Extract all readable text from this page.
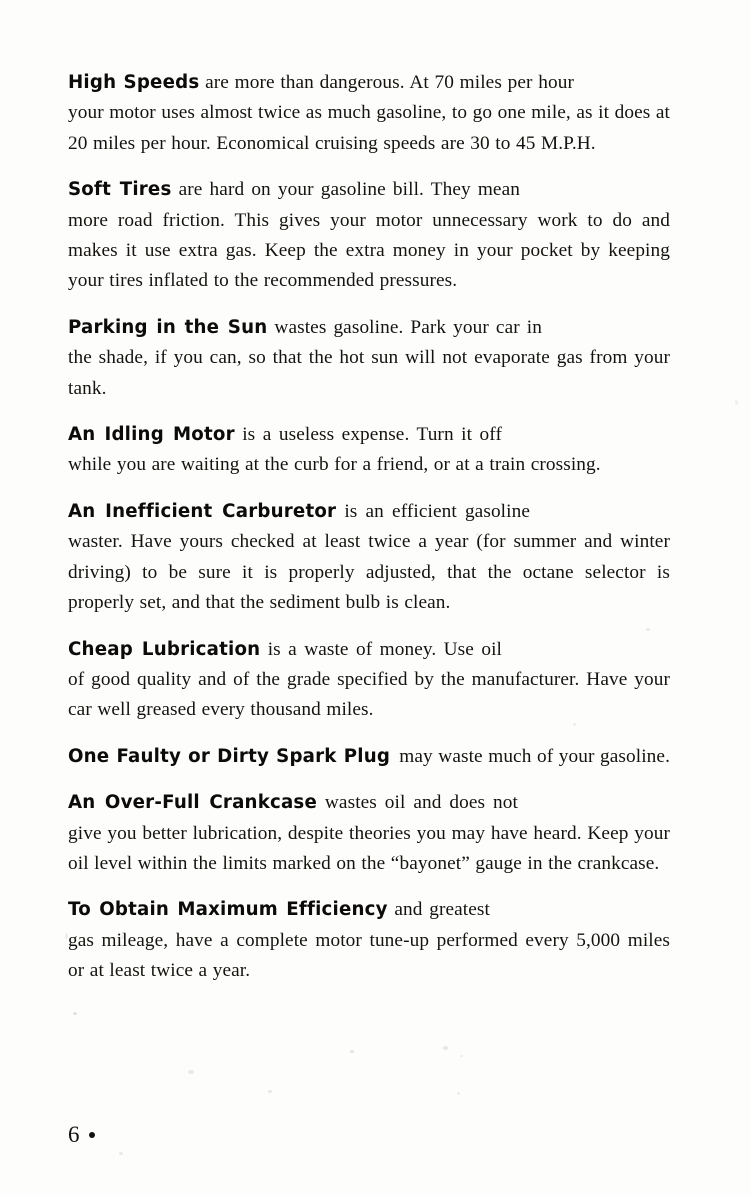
High Speeds are more than dangerous. At 70 miles per hour your motor uses almost twice as much gasoline, to go one mile, as it does at 20 miles per hour. Economical cruising speeds are 30 to 45 M.P.H.

Soft Tires are hard on your gasoline bill. They mean more road friction. This gives your motor unnecessary work to do and makes it use extra gas. Keep the extra money in your pocket by keeping your tires inflated to the recommended pressures.

Parking in the Sun wastes gasoline. Park your car in the shade, if you can, so that the hot sun will not evaporate gas from your tank.

An Idling Motor is a useless expense. Turn it off while you are waiting at the curb for a friend, or at a train crossing.

An Inefficient Carburetor is an efficient gasoline waster. Have yours checked at least twice a year (for summer and winter driving) to be sure it is properly adjusted, that the octane selector is properly set, and that the sediment bulb is clean.

Cheap Lubrication is a waste of money. Use oil of good quality and of the grade specified by the manufacturer. Have your car well greased every thousand miles.

One Faulty or Dirty Spark Plug may waste much of your gasoline.

An Over-Full Crankcase wastes oil and does not give you better lubrication, despite theories you may have heard. Keep your oil level within the limits marked on the “bayonet” gauge in the crankcase.

To Obtain Maximum Efficiency and greatest gas mileage, have a complete motor tune-up performed every 5,000 miles or at least twice a year.

6
